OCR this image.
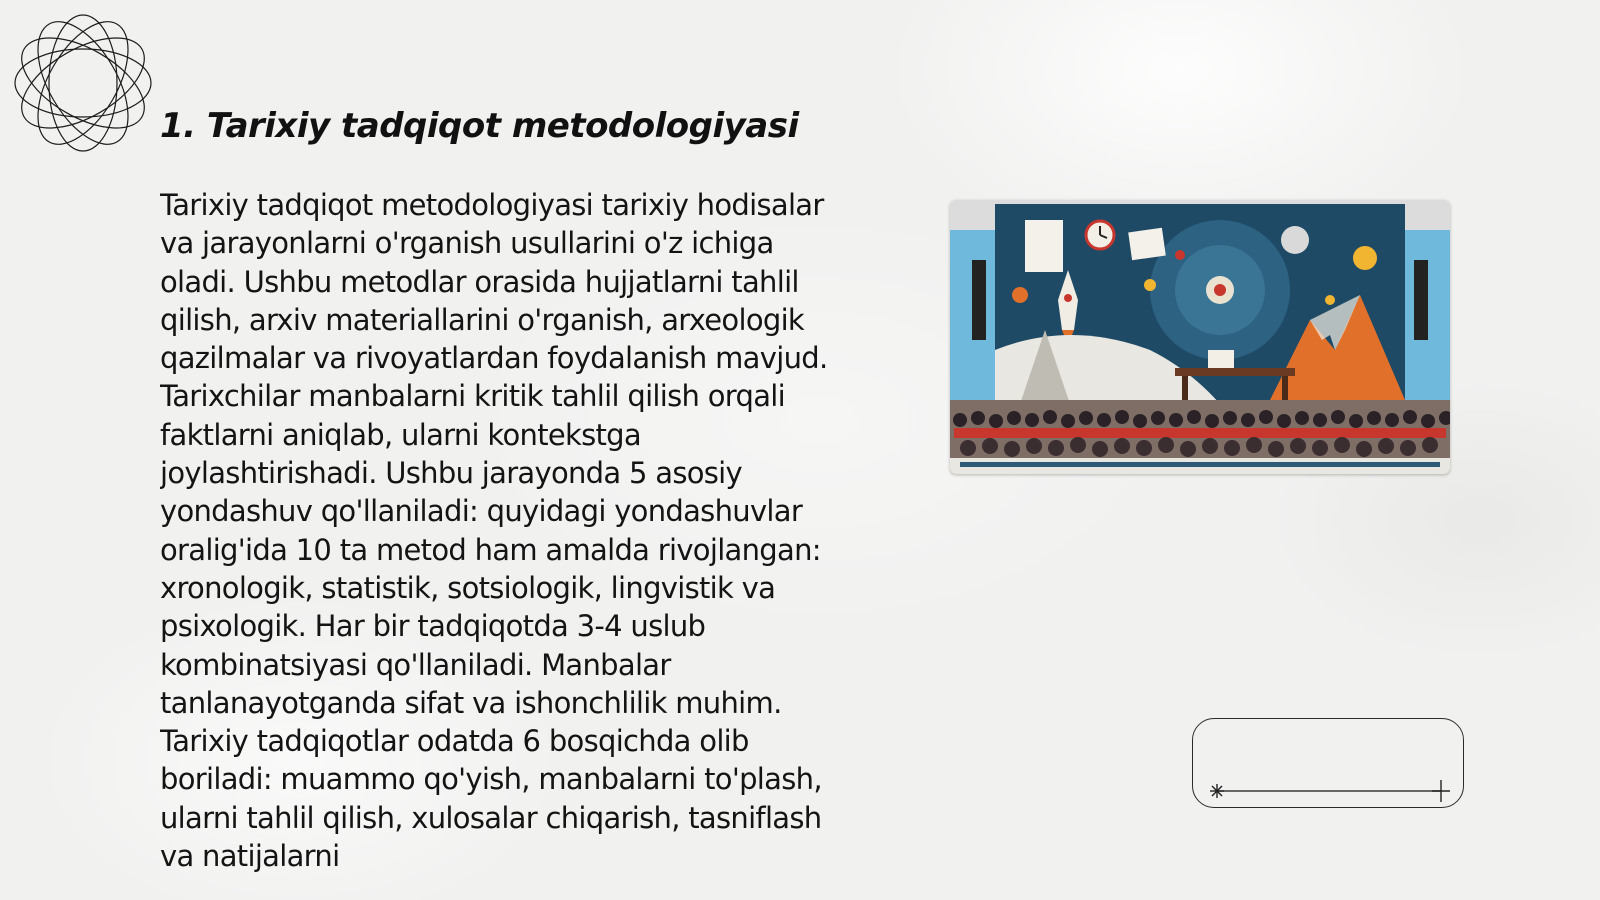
1. Tarixiy tadqiqot metodologiyasi

Tarixiy tadqiqot metodologiyasi tarixiy hodisalar va jarayonlarni o'rganish usullarini o'z ichiga oladi. Ushbu metodlar orasida hujjatlarni tahlil qilish, arxiv materiallarini o'rganish, arxeologik qazilmalar va rivoyatlardan foydalanish mavjud. Tarixchilar manbalarni kritik tahlil qilish orqali faktlarni aniqlab, ularni kontekstga joylashtirishadi. Ushbu jarayonda 5 asosiy yondashuv qo'llaniladi: quyidagi yondashuvlar oralig'ida 10 ta metod ham amalda rivojlangan: xronologik, statistik, sotsiologik, lingvistik va psixologik. Har bir tadqiqotda 3-4 uslub kombinatsiyasi qo'llaniladi. Manbalar tanlanayotganda sifat va ishonchlilik muhim. Tarixiy tadqiqotlar odatda 6 bosqichda olib boriladi: muammo qo'yish, manbalarni to'plash, ularni tahlil qilish, xulosalar chiqarish, tasniflash va natijalarni
